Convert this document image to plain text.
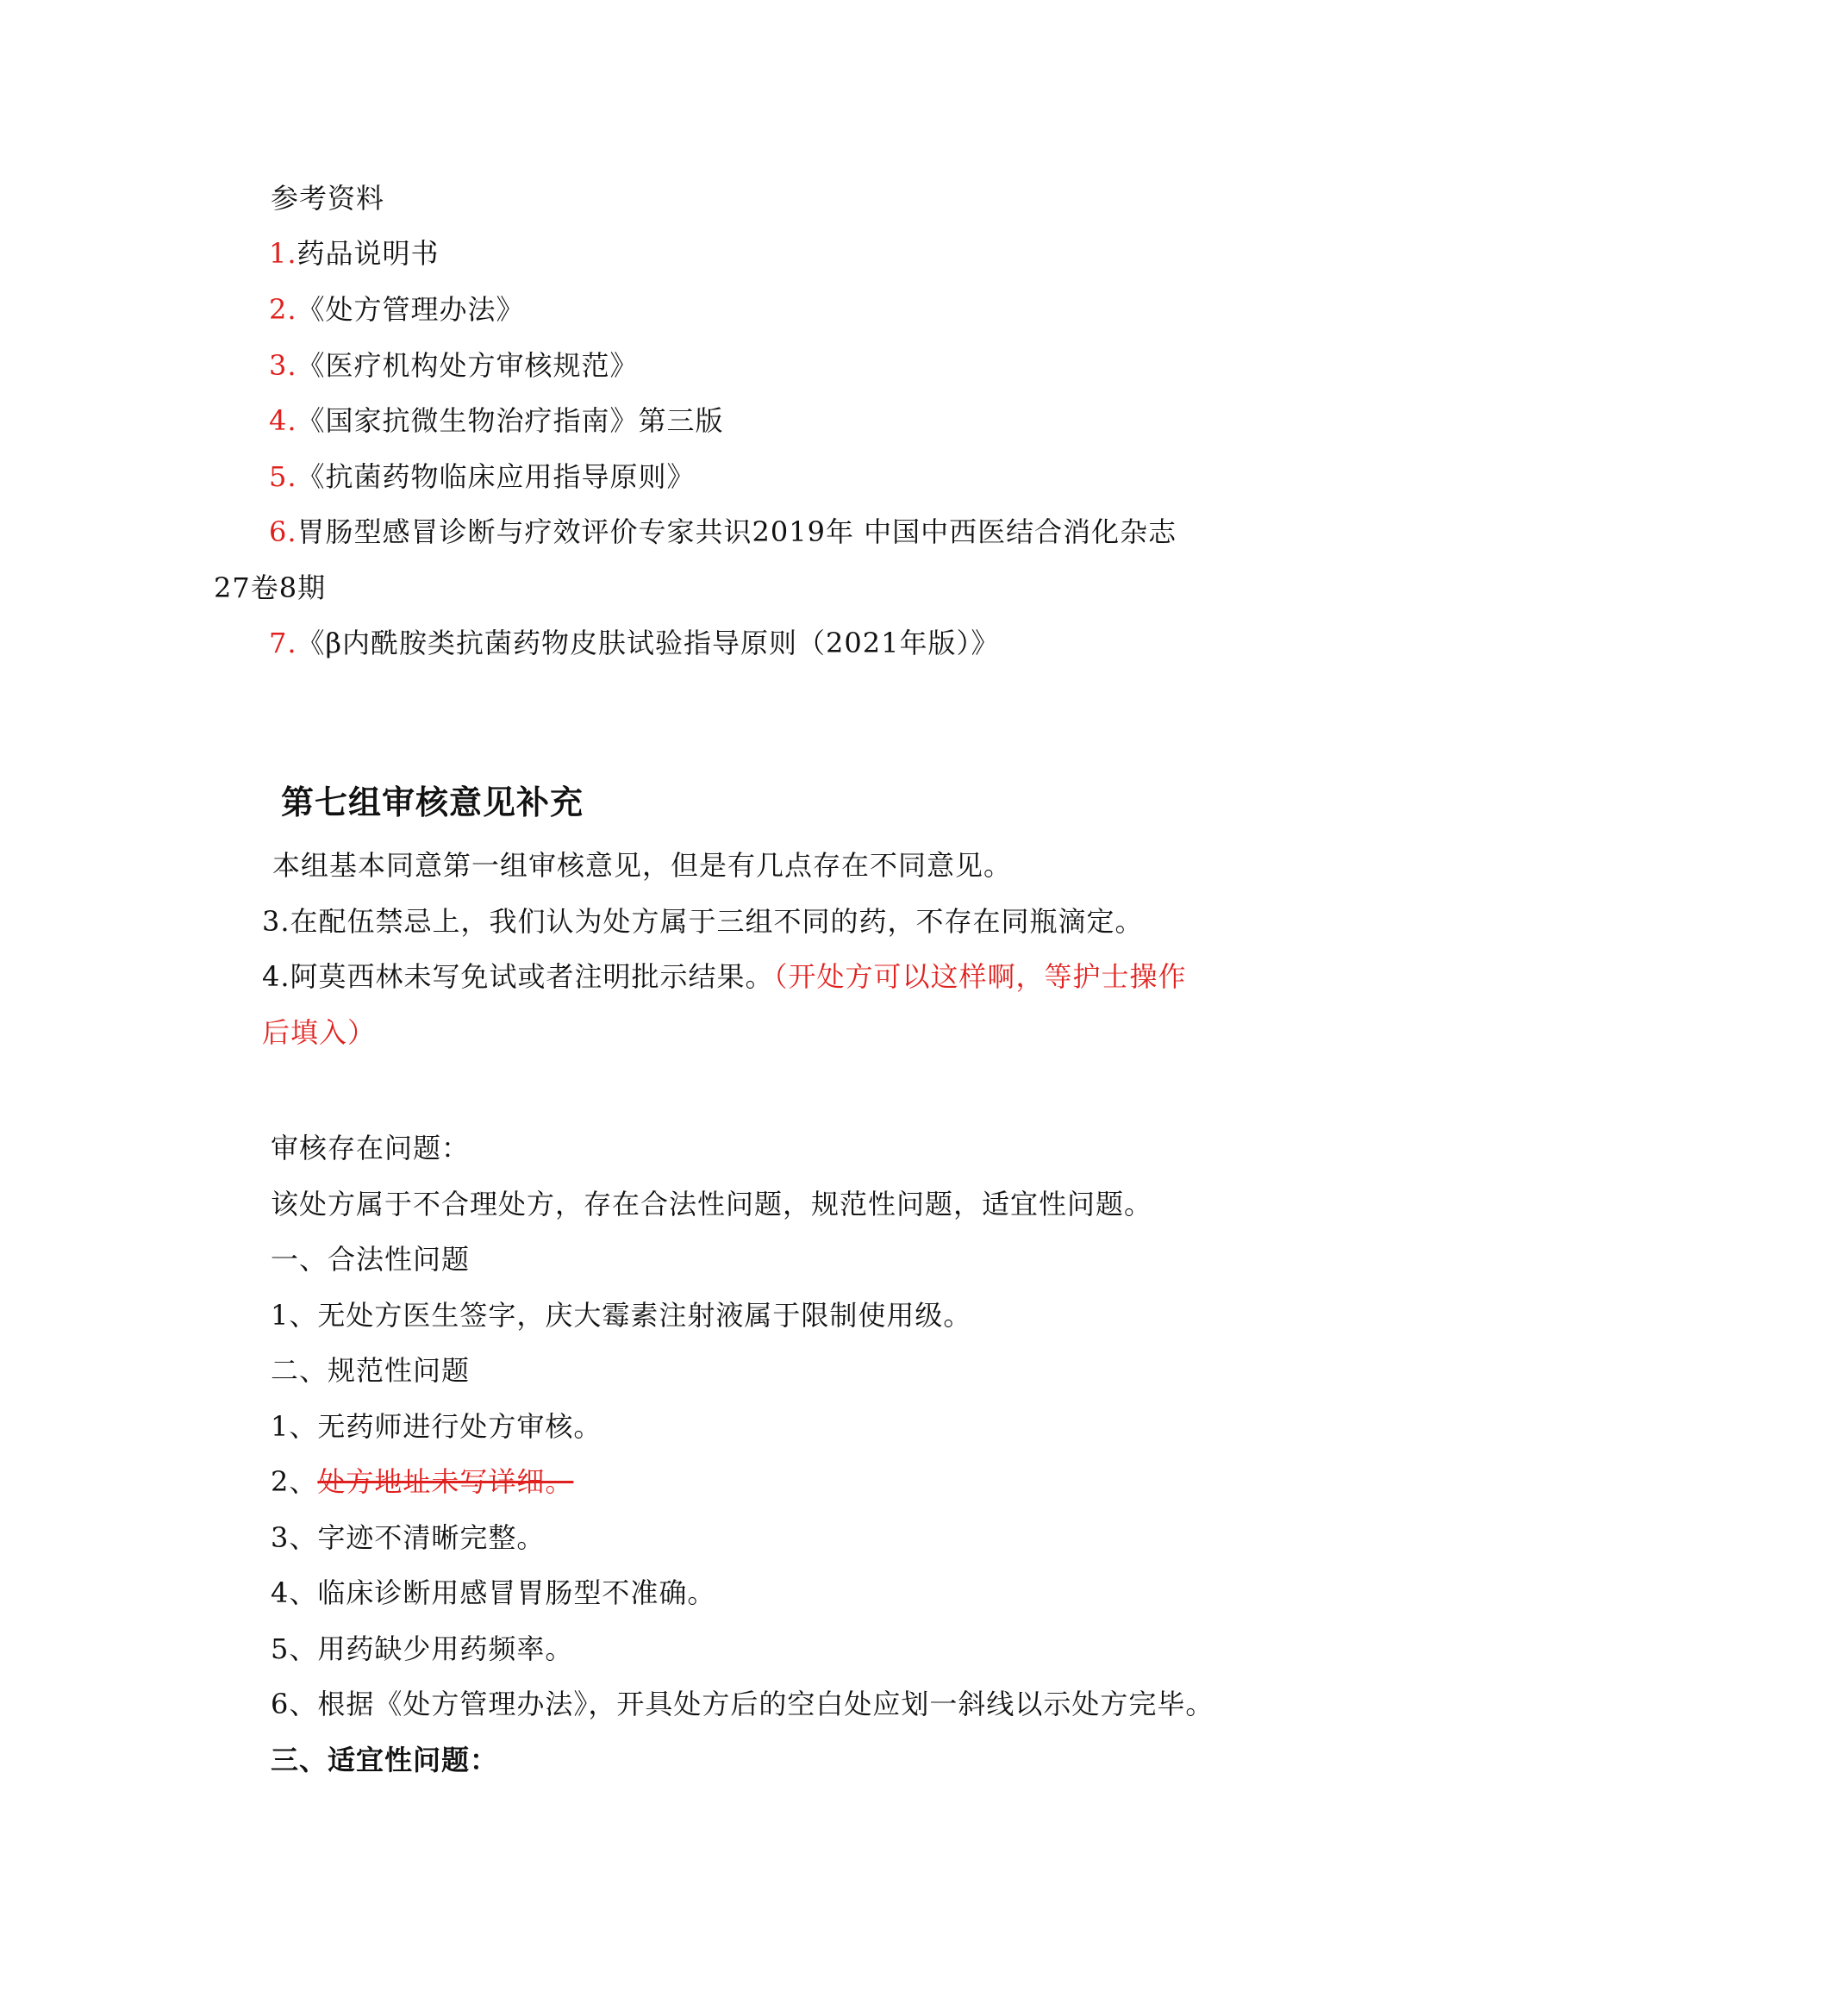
参考资料
1.药品说明书
2.《处方管理办法》
3.《医疗机构处方审核规范》
4.《国家抗微生物治疗指南》第三版
5.《抗菌药物临床应用指导原则》
6.胃肠型感冒诊断与疗效评价专家共识2019年 中国中西医结合消化杂志
27卷8期
7.《β内酰胺类抗菌药物皮肤试验指导原则（2021年版）》
第七组审核意见补充
本组基本同意第一组审核意见，但是有几点存在不同意见。
3.在配伍禁忌上，我们认为处方属于三组不同的药，不存在同瓶滴定。
4.阿莫西林未写免试或者注明批示结果。（开处方可以这样啊，等护士操作
后填入）
审核存在问题：
该处方属于不合理处方，存在合法性问题，规范性问题，适宜性问题。
一、合法性问题
1、无处方医生签字，庆大霉素注射液属于限制使用级。
二、规范性问题
1、无药师进行处方审核。
2、处方地址未写详细。
3、字迹不清晰完整。
4、临床诊断用感冒胃肠型不准确。
5、用药缺少用药频率。
6、根据《处方管理办法》，开具处方后的空白处应划一斜线以示处方完毕。
三、适宜性问题：
